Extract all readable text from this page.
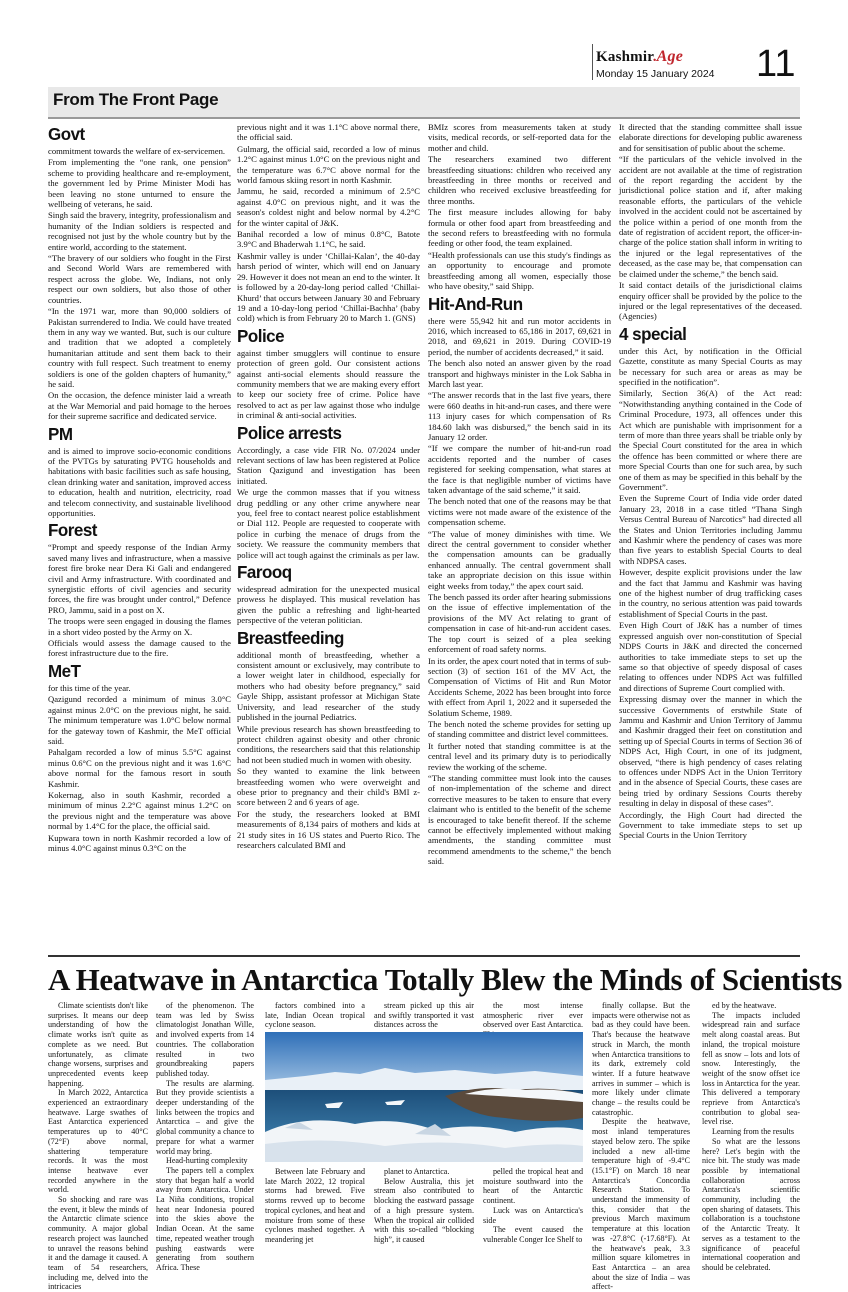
Kashmir.Age
Monday 15 January 2024 11
From The Front Page
Govt

commitment towards the welfare of ex-servicemen.

From implementing the “one rank, one pension” scheme to providing healthcare and re-employment, the government led by Prime Minister Modi has been leaving no stone unturned to ensure the wellbeing of veterans, he said.

Singh said the bravery, integrity, professionalism and humanity of the Indian soldiers is respected and recognised not just by the whole country but by the entire world, according to the statement.

“The bravery of our soldiers who fought in the First and Second World Wars are remembered with respect across the globe. We, Indians, not only respect our own soldiers, but also those of other countries.

“In the 1971 war, more than 90,000 soldiers of Pakistan surrendered to India. We could have treated them in any way we wanted. But, such is our culture and tradition that we adopted a completely humanitarian attitude and sent them back to their country with full respect. Such treatment to enemy soldiers is one of the golden chapters of humanity,” he said.

On the occasion, the defence minister laid a wreath at the War Memorial and paid homage to the heroes for their supreme sacrifice and dedicated service.

PM

and is aimed to improve socio-economic conditions of the PVTGs by saturating PVTG households and habitations with basic facilities such as safe housing, clean drinking water and sanitation, improved access to education, health and nutrition, electricity, road and telecom connectivity, and sustainable livelihood opportunities.

Forest

“Prompt and speedy response of the Indian Army saved many lives and infrastructure, when a massive forest fire broke near Dera Ki Gali and endangered civil and Army infrastructure. With coordinated and synergistic efforts of civil agencies and security forces, the fire was brought under control,” Defence PRO, Jammu, said in a post on X.

The troops were seen engaged in dousing the flames in a short video posted by the Army on X.

Officials would assess the damage caused to the forest infrastructure due to the fire.

MeT

for this time of the year.

Qazigund recorded a minimum of minus 3.0°C against minus 2.0°C on the previous night, he said. The minimum temperature was 1.0°C below normal for the gateway town of Kashmir, the MeT official said.

Pahalgam recorded a low of minus 5.5°C against minus 0.6°C on the previous night and it was 1.6°C above normal for the famous resort in south Kashmir.

Kokernag, also in south Kashmir, recorded a minimum of minus 2.2°C against minus 1.2°C on the previous night and the temperature was above normal by 1.4°C for the place, the official said.

Kupwara town in north Kashmir recorded a low of minus 4.0°C against minus 0.3°C on the

previous night and it was 1.1°C above normal there, the official said.

Gulmarg, the official said, recorded a low of minus 1.2°C against minus 1.0°C on the previous night and the temperature was 6.7°C above normal for the world famous skiing resort in north Kashmir.

Jammu, he said, recorded a minimum of 2.5°C against 4.0°C on previous night, and it was the season's coldest night and below normal by 4.2°C for the winter capital of J&K.

Banihal recorded a low of minus 0.8°C, Batote 3.9°C and Bhaderwah 1.1°C, he said.

Kashmir valley is under ‘Chillai-Kalan’, the 40-day harsh period of winter, which will end on January 29. However it does not mean an end to the winter. It is followed by a 20-day-long period called ‘Chillai-Khurd’ that occurs between January 30 and February 19 and a 10-day-long period ‘Chillai-Bachha’ (baby cold) which is from February 20 to March 1. (GNS)

Police

against timber smugglers will continue to ensure protection of green gold. Our consistent actions against anti-social elements should reassure the community members that we are making every effort to keep our society free of crime. Police have resolved to act as per law against those who indulge in criminal & anti-social activities.

Police arrests

Accordingly, a case vide FIR No. 07/2024 under relevant sections of law has been registered at Police Station Qazigund and investigation has been initiated.

We urge the common masses that if you witness drug peddling or any other crime anywhere near you, feel free to contact nearest police establishment or Dial 112. People are requested to cooperate with police in curbing the menace of drugs from the society. We reassure the community members that police will act tough against the criminals as per law.

Farooq

widespread admiration for the unexpected musical prowess he displayed. This musical revelation has given the public a refreshing and light-hearted perspective of the veteran politician.

Breastfeeding

additional month of breastfeeding, whether a consistent amount or exclusively, may contribute to a lower weight later in childhood, especially for mothers who had obesity before pregnancy,” said Gayle Shipp, assistant professor at Michigan State University, and lead researcher of the study published in the journal Pediatrics.

While previous research has shown breastfeeding to protect children against obesity and other chronic conditions, the researchers said that this relationship had not been studied much in women with obesity.

So they wanted to examine the link between breastfeeding women who were overweight and obese prior to pregnancy and their child's BMI z-score between 2 and 6 years of age.

For the study, the researchers looked at BMI measurements of 8,134 pairs of mothers and kids at 21 study sites in 16 US states and Puerto Rico. The researchers calculated BMI and

BMIz scores from measurements taken at study visits, medical records, or self-reported data for the mother and child.

The researchers examined two different breastfeeding situations: children who received any breastfeeding in three months or received and children who received exclusive breastfeeding for three months.

The first measure includes allowing for baby formula or other food apart from breastfeeding and the second refers to breastfeeding with no formula feeding or other food, the team explained.

“Health professionals can use this study's findings as an opportunity to encourage and promote breastfeeding among all women, especially those who have obesity,” said Shipp.

Hit-And-Run

there were 55,942 hit and run motor accidents in 2016, which increased to 65,186 in 2017, 69,621 in 2018, and 69,621 in 2019. During COVID-19 period, the number of accidents decreased,” it said.

The bench also noted an answer given by the road transport and highways minister in the Lok Sabha in March last year.

“The answer records that in the last five years, there were 660 deaths in hit-and-run cases, and there were 113 injury cases for which compensation of Rs 184.60 lakh was disbursed,” the bench said in its January 12 order.

“If we compare the number of hit-and-run road accidents reported and the number of cases registered for seeking compensation, what stares at the face is that negligible number of victims have taken advantage of the said scheme,” it said.

The bench noted that one of the reasons may be that victims were not made aware of the existence of the compensation scheme.

“The value of money diminishes with time. We direct the central government to consider whether the compensation amounts can be gradually enhanced annually. The central government shall take an appropriate decision on this issue within eight weeks from today,” the apex court said.

The bench passed its order after hearing submissions on the issue of effective implementation of the provisions of the MV Act relating to grant of compensation in case of hit-and-run accident cases. The top court is seized of a plea seeking enforcement of road safety norms.

In its order, the apex court noted that in terms of sub-section (3) of section 161 of the MV Act, the Compensation of Victims of Hit and Run Motor Accidents Scheme, 2022 has been brought into force with effect from April 1, 2022 and it superseded the Solatium Scheme, 1989.

The bench noted the scheme provides for setting up of standing committee and district level committees.

It further noted that standing committee is at the central level and its primary duty is to periodically review the working of the scheme.

“The standing committee must look into the causes of non-implementation of the scheme and direct corrective measures to be taken to ensure that every claimant who is entitled to the benefit of the scheme is encouraged to take benefit thereof. If the scheme cannot be effectively implemented without making amendments, the standing committee must recommend amendments to the scheme,” the bench said.

It directed that the standing committee shall issue elaborate directions for developing public awareness and for sensitisation of public about the scheme.

“If the particulars of the vehicle involved in the accident are not available at the time of registration of the report regarding the accident by the jurisdictional police station and if, after making reasonable efforts, the particulars of the vehicle involved in the accident could not be ascertained by the police within a period of one month from the date of registration of accident report, the officer-in-charge of the police station shall inform in writing to the injured or the legal representatives of the deceased, as the case may be, that compensation can be claimed under the scheme,” the bench said.

It said contact details of the jurisdictional claims enquiry officer shall be provided by the police to the injured or the legal representatives of the deceased. (Agencies)

4 special

under this Act, by notification in the Official Gazette, constitute as many Special Courts as may be necessary for such area or areas as may be specified in the notification”.

Similarly, Section 36(A) of the Act read: “Notwithstanding anything contained in the Code of Criminal Procedure, 1973, all offences under this Act which are punishable with imprisonment for a term of more than three years shall be triable only by the Special Court constituted for the area in which the offence has been committed or where there are more Special Courts than one for such area, by such one of them as may be specified in this behalf by the Government”.

Even the Supreme Court of India vide order dated January 23, 2018 in a case titled “Thana Singh Versus Central Bureau of Narcotics” had directed all the States and Union Territories including Jammu and Kashmir where the pendency of cases was more than five years to establish Special Courts to deal with NDPSA cases.

However, despite explicit provisions under the law and the fact that Jammu and Kashmir was having one of the highest number of drug trafficking cases in the country, no serious attention was paid towards establishment of Special Courts in the past.

Even High Court of J&K has a number of times expressed anguish over non-constitution of Special NDPS Courts in J&K and directed the concerned authorities to take immediate steps to set up the same so that objective of speedy disposal of cases relating to offences under NDPS Act was fulfilled and directions of Supreme Court complied with.

Expressing dismay over the manner in which the successive Governments of erstwhile State of Jammu and Kashmir and Union Territory of Jammu and Kashmir dragged their feet on constitution and setting up of Special Courts in terms of Section 36 of NDPS Act, High Court, in one of its judgment, observed, “there is high pendency of cases relating to offences under NDPS Act in the Union Territory and in the absence of Special Courts, these cases are being tried by ordinary Sessions Courts thereby resulting in delay in disposal of these cases”.

Accordingly, the High Court had directed the Government to take immediate steps to set up Special Courts in the Union Territory

A Heatwave in Antarctica Totally Blew the Minds of Scientists

Climate scientists don't like surprises. It means our deep understanding of how the climate works isn't quite as complete as we need. But unfortunately, as climate change worsens, surprises and unprecedented events keep happening.

In March 2022, Antarctica experienced an extraordinary heatwave. Large swathes of East Antarctica experienced temperatures up to 40°C (72°F) above normal, shattering temperature records. It was the most intense heatwave ever recorded anywhere in the world.

So shocking and rare was the event, it blew the minds of the Antarctic climate science community. A major global research project was launched to unravel the reasons behind it and the damage it caused. A team of 54 researchers, including me, delved into the intricacies

of the phenomenon. The team was led by Swiss climatologist Jonathan Wille, and involved experts from 14 countries. The collaboration resulted in two groundbreaking papers published today.

The results are alarming. But they provide scientists a deeper understanding of the links between the tropics and Antarctica – and give the global community a chance to prepare for what a warmer world may bring.

Head-hurting complexity

The papers tell a complex story that began half a world away from Antarctica. Under La Niña conditions, tropical heat near Indonesia poured into the skies above the Indian Ocean. At the same time, repeated weather trough pushing eastwards were generating from southern Africa. These

factors combined into a late, Indian Ocean tropical cyclone season.

stream picked up this air and swiftly transported it vast distances across the

the most intense atmospheric river ever observed over East Antarctica.

Between late February and late March 2022, 12 tropical storms had brewed. Five storms revved up to become tropical cyclones, and heat and moisture from some of these cyclones mashed together. A meandering jet

planet to Antarctica.

Below Australia, this jet stream also contributed to blocking the eastward passage of a high pressure system. When the tropical air collided with this so-called “blocking high”, it caused

pelled the tropical heat and moisture southward into the heart of the Antarctic continent.

Luck was on Antarctica's side

The event caused the vulnerable Conger Ice Shelf to

finally collapse. But the impacts were otherwise not as bad as they could have been. That's because the heatwave struck in March, the month when Antarctica transitions to its dark, extremely cold winter. If a future heatwave arrives in summer – which is more likely under climate change – the results could be catastrophic.

Despite the heatwave, most inland temperatures stayed below zero. The spike included a new all-time temperature high of -9.4°C (15.1°F) on March 18 near Antarctica's Concordia Research Station. To understand the immensity of this, consider that the previous March maximum temperature at this location was -27.8°C (-17.68°F). At the heatwave's peak, 3.3 million square kilometres in East Antarctica – an area about the size of India – was affect-

ed by the heatwave.

The impacts included widespread rain and surface melt along coastal areas. But inland, the tropical moisture fell as snow – lots and lots of snow. Interestingly, the weight of the snow offset ice loss in Antarctica for the year. This delivered a temporary reprieve from Antarctica's contribution to global sea-level rise.

Learning from the results

So what are the lessons here? Let's begin with the nice bit. The study was made possible by international collaboration across Antarctica's scientific community, including the open sharing of datasets. This collaboration is a touchstone of the Antarctic Treaty. It serves as a testament to the significance of peaceful international cooperation and should be celebrated.
